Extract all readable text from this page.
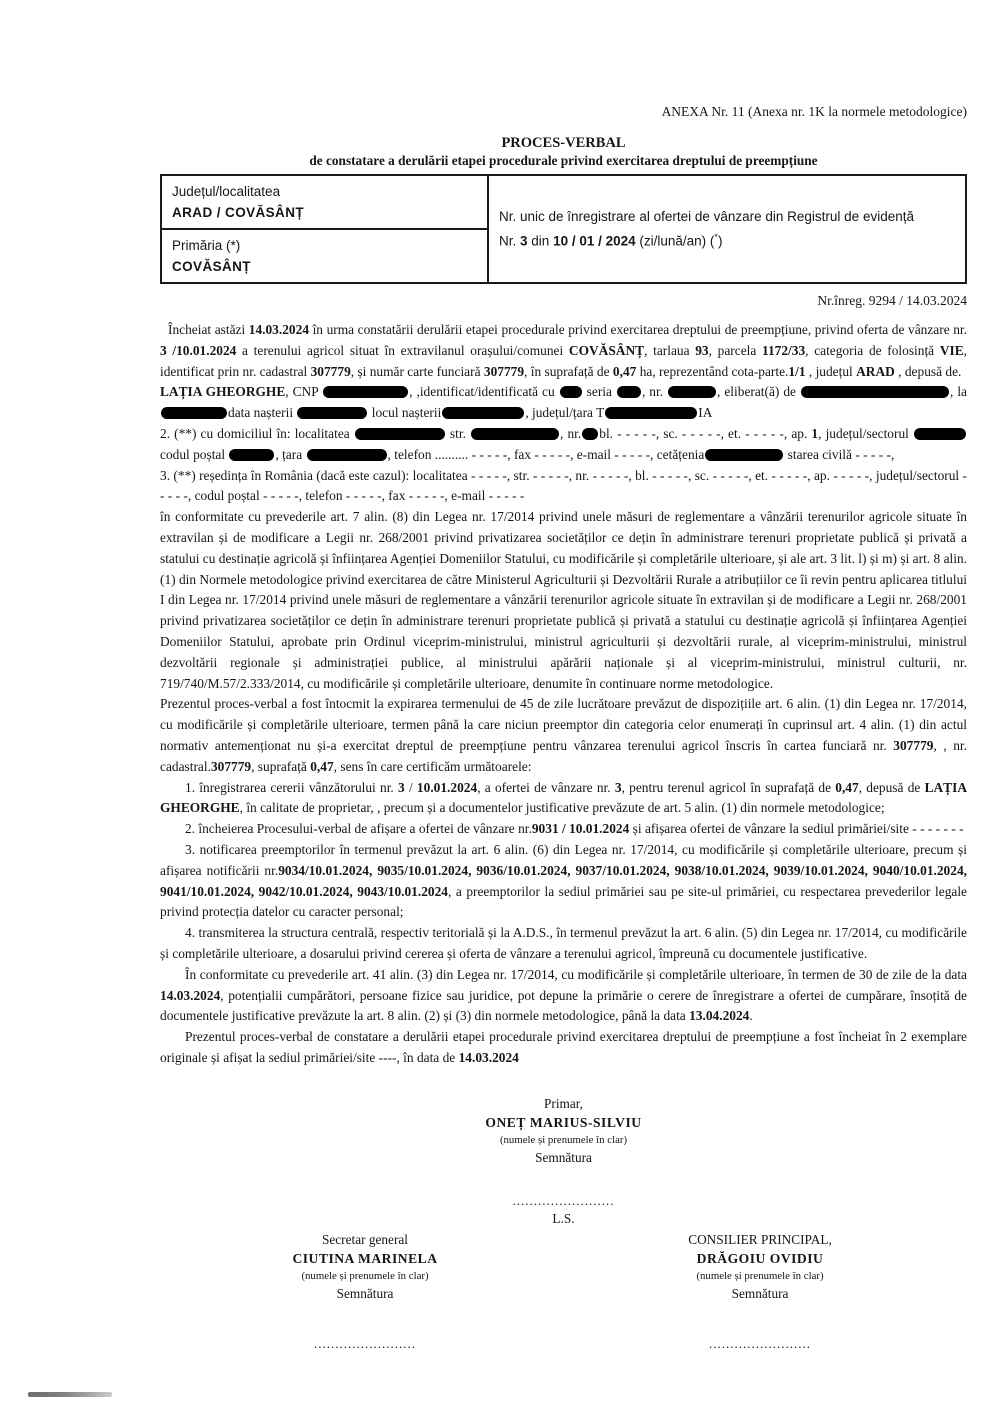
ANEXA Nr. 11 (Anexa nr. 1K la normele metodologice)
PROCES-VERBAL
de constatare a derulării etapei procedurale privind exercitarea dreptului de preempțiune
Județul/localitatea
ARAD / COVĂSÂNȚ	Nr. unic de înregistrare al ofertei de vânzare din Registrul de evidență
Nr. 3 din 10 / 01 / 2024 (zi/lună/an) (*)

Primăria (*)
COVĂSÂNȚ
Nr.înreg. 9294 / 14.03.2024
Încheiat astăzi 14.03.2024 în urma constatării derulării etapei procedurale privind exercitarea dreptului de preempțiune, privind oferta de vânzare nr. 3 /10.01.2024 a terenului agricol situat în extravilanul orașului/comunei COVĂSÂNȚ, tarlaua 93, parcela 1172/33, categoria de folosință VIE, identificat prin nr. cadastral 307779, și număr carte funciară 307779, în suprafață de 0,47 ha, reprezentând cota-parte.1/1 , județul ARAD , depusă de.
LAȚIA GHEORGHE, CNP	, ,identificat/identificată cu  seria , nr.	, eliberat(ă) de	, la data nașterii	locul nașterii	, județul/țara T	IA
2. (**) cu domiciliul în: localitatea	str.	, nr. bl. - - - - -, sc. - - - - -, et. - - - - -, ap. 1, județul/sectorul  codul poștal	, țara	, telefon .......... - - - - -, fax - - - - -, e-mail - - - - -, cetățenia	starea civilă - - - - -,
3. (**) reședința în România (dacă este cazul): localitatea - - - - -, str. - - - - -, nr. - - - - -, bl. - - - - -, sc. - - - - -, et. - - - - -, ap. - - - - -, județul/sectorul - - - - -, codul poștal - - - - -, telefon - - - - -, fax - - - - -, e-mail - - - - -
în conformitate cu prevederile art. 7 alin. (8) din Legea nr. 17/2014 privind unele măsuri de reglementare a vânzării terenurilor agricole situate în extravilan și de modificare a Legii nr. 268/2001 privind privatizarea societăților ce dețin în administrare terenuri proprietate publică și privată a statului cu destinație agricolă și înființarea Agenției Domeniilor Statului, cu modificările și completările ulterioare, și ale art. 3 lit. l) și m) și art. 8 alin. (1) din Normele metodologice privind exercitarea de către Ministerul Agriculturii și Dezvoltării Rurale a atribuțiilor ce îi revin pentru aplicarea titlului I din Legea nr. 17/2014 privind unele măsuri de reglementare a vânzării terenurilor agricole situate în extravilan și de modificare a Legii nr. 268/2001 privind privatizarea societăților ce dețin în administrare terenuri proprietate publică și privată a statului cu destinație agricolă și înființarea Agenției Domeniilor Statului, aprobate prin Ordinul viceprim-ministrului, ministrul agriculturii și dezvoltării rurale, al viceprim-ministrului, ministrul dezvoltării regionale și administrației publice, al ministrului apărării naționale și al viceprim-ministrului, ministrul culturii, nr. 719/740/M.57/2.333/2014, cu modificările și completările ulterioare, denumite în continuare norme metodologice.
Prezentul proces-verbal a fost întocmit la expirarea termenului de 45 de zile lucrătoare prevăzut de dispozițiile art. 6 alin. (1) din Legea nr. 17/2014, cu modificările și completările ulterioare, termen până la care niciun preemptor din categoria celor enumerați în cuprinsul art. 4 alin. (1) din actul normativ antemenționat nu și-a exercitat dreptul de preempțiune pentru vânzarea terenului agricol înscris în cartea funciară nr. 307779, , nr. cadastral.307779, suprafață 0,47, sens în care certificăm următoarele:
1. înregistrarea cererii vânzătorului nr. 3 / 10.01.2024, a ofertei de vânzare nr. 3, pentru terenul agricol în suprafață de 0,47, depusă de LAȚIA GHEORGHE, în calitate de proprietar, , precum și a documentelor justificative prevăzute de art. 5 alin. (1) din normele metodologice;
2. încheierea Procesului-verbal de afișare a ofertei de vânzare nr.9031 / 10.01.2024 și afișarea ofertei de vânzare la sediul primăriei/site - - - - - - -
3. notificarea preemptorilor în termenul prevăzut la art. 6 alin. (6) din Legea nr. 17/2014, cu modificările și completările ulterioare, precum și afișarea notificării nr.9034/10.01.2024, 9035/10.01.2024, 9036/10.01.2024, 9037/10.01.2024, 9038/10.01.2024, 9039/10.01.2024, 9040/10.01.2024, 9041/10.01.2024, 9042/10.01.2024, 9043/10.01.2024, a preemptorilor la sediul primăriei sau pe site-ul primăriei, cu respectarea prevederilor legale privind protecția datelor cu caracter personal;
4. transmiterea la structura centrală, respectiv teritorială și la A.D.S., în termenul prevăzut la art. 6 alin. (5) din Legea nr. 17/2014, cu modificările și completările ulterioare, a dosarului privind cererea și oferta de vânzare a terenului agricol, împreună cu documentele justificative.
În conformitate cu prevederile art. 41 alin. (3) din Legea nr. 17/2014, cu modificările și completările ulterioare, în termen de 30 de zile de la data 14.03.2024, potențialii cumpărători, persoane fizice sau juridice, pot depune la primărie o cerere de înregistrare a ofertei de cumpărare, însoțită de documentele justificative prevăzute la art. 8 alin. (2) și (3) din normele metodologice, până la data 13.04.2024.
Prezentul proces-verbal de constatare a derulării etapei procedurale privind exercitarea dreptului de preempțiune a fost încheiat în 2 exemplare originale și afișat la sediul primăriei/site ----, în data de 14.03.2024
Primar,
ONEȚ MARIUS-SILVIU
(numele și prenumele în clar)
Semnătura
........................
L.S.
Secretar general
CIUTINA MARINELA
(numele și prenumele în clar)
Semnătura
........................
CONSILIER PRINCIPAL,
DRĂGOIU OVIDIU
(numele și prenumele în clar)
Semnătura
........................
